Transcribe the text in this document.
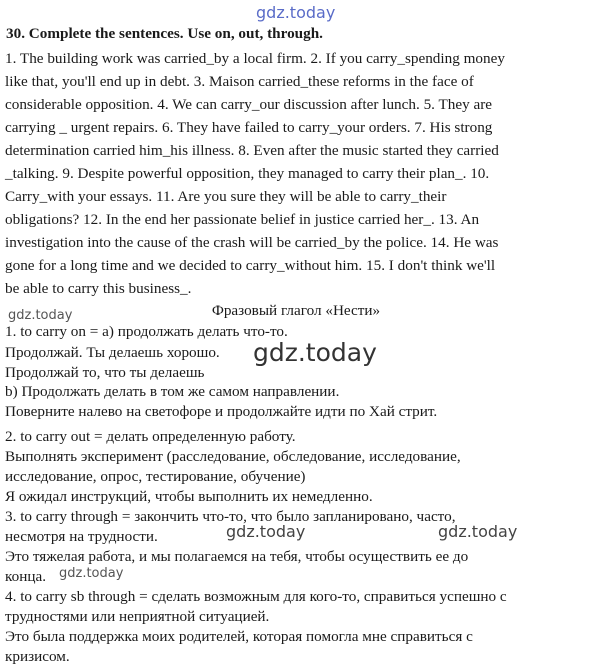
gdz.today
30. Complete the sentences. Use on, out, through.
1. The building work was carried_by a local firm. 2. If you carry_spending money
like that, you'll end up in debt. 3. Maison carried_these reforms in the face of
considerable opposition. 4. We can carry_our discussion after lunch. 5. They are
carrying _ urgent repairs. 6. They have failed to carry_your orders. 7. His strong
determination carried him_his illness. 8. Even after the music started they carried
_talking. 9. Despite powerful opposition, they managed to carry their plan_. 10.
Carry_with your essays. 11. Are you sure they will be able to carry_their
obligations? 12. In the end her passionate belief in justice carried her_. 13. An
investigation into the cause of the crash will be carried_by the police. 14. He was
gone for a long time and we decided to carry_without him. 15. I don't think we'll
be able to carry this business_.
Фразовый глагол «Нести»
gdz.today
1. to carry on = а) продолжать делать что-то.
Продолжай. Ты делаешь хорошо.
Продолжай то, что ты делаешь
b) Продолжать делать в том же самом направлении.
Поверните налево на светофоре и продолжайте идти по Хай стрит.
2. to carry out = делать определенную работу.
Выполнять эксперимент (расследование, обследование, исследование,
исследование, опрос, тестирование, обучение)
Я ожидал инструкций, чтобы выполнить их немедленно.
3. to carry through = закончить что-то, что было запланировано, часто,
несмотря на трудности.
Это тяжелая работа, и мы полагаемся на тебя, чтобы осуществить ее до
конца.
4. to carry sb through = сделать возможным для кого-то, справиться успешно с
трудностями или неприятной ситуацией.
Это была поддержка моих родителей, которая помогла мне справиться с
кризисом.
gdz.today
gdz.today	gdz.today
gdz.today
